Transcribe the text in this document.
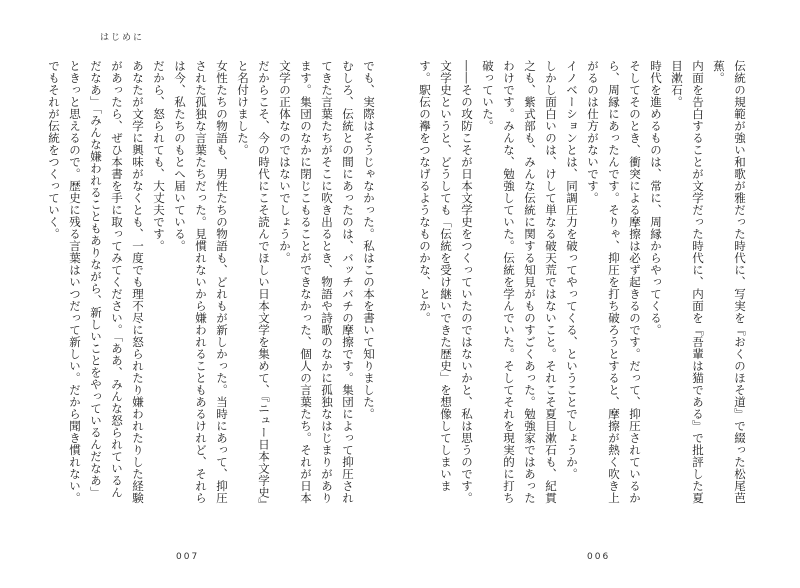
はじめに

伝統の規範が強い和歌が雅だった時代に、写実を『おくのほそ道』で綴った松尾芭蕉。

内面を告白することが文学だった時代に、内面を『吾輩は猫である』で批評した夏目漱石。

時代を進めるものは、常に、周縁からやってくる。

そしてそのとき、衝突による摩擦は必ず起きるのです。だって、抑圧されているから、周縁にあったんです。そりゃ、抑圧を打ち破ろうとすると、摩擦が熱く吹き上がるのは仕方がないです。

イノベーションとは、同調圧力を破ってやってくる、ということでしょうか。

しかし面白いのは、けして単なる破天荒ではないこと。それこそ夏目漱石も、紀貫之も、紫式部も、みんな伝統に関する知見がものすごくあった。勉強家ではあったわけです。みんな、勉強していた。伝統を学んでいた。そしてそれを現実的に打ち破っていた。

――その攻防こそが日本文学史をつくっていたのではないかと、私は思うのです。

文学史というと、どうしても「伝統を受け継いできた歴史」を想像してしまいます。駅伝の襷をつなげるようなものかな、とか。

でも、実際はそうじゃなかった。私はこの本を書いて知りました。

むしろ、伝統との間にあったのは、バッチバチの摩擦です。集団によって抑圧されてきた言葉たちがそこに吹き出るとき、物語や詩歌のなかに孤独なはじまりがあります。集団のなかに閉じこもることができなかった、個人の言葉たち。それが日本文学の正体なのではないでしょうか。

だからこそ、今の時代にこそ読んでほしい日本文学を集めて、『ニュー日本文学史』と名付けました。

女性たちの物語も、男性たちの物語も、どれもが新しかった。当時にあって、抑圧された孤独な言葉たちだった。見慣れないから嫌われることもあるけれど、それらは今、私たちのもとへ届いている。

だから、怒られても、大丈夫です。

あなたが文学に興味がなくとも、一度でも理不尽に怒られたり嫌われたりした経験があったら、ぜひ本書を手に取ってみてください。「ああ、みんな怒られているんだなあ」「みんな嫌われることもありながら、新しいことをやっているんだなあ」ときっと思えるので。歴史に残る言葉はいつだって新しい。だから聞き慣れない。でもそれが伝統をつくっていく。

007	006
